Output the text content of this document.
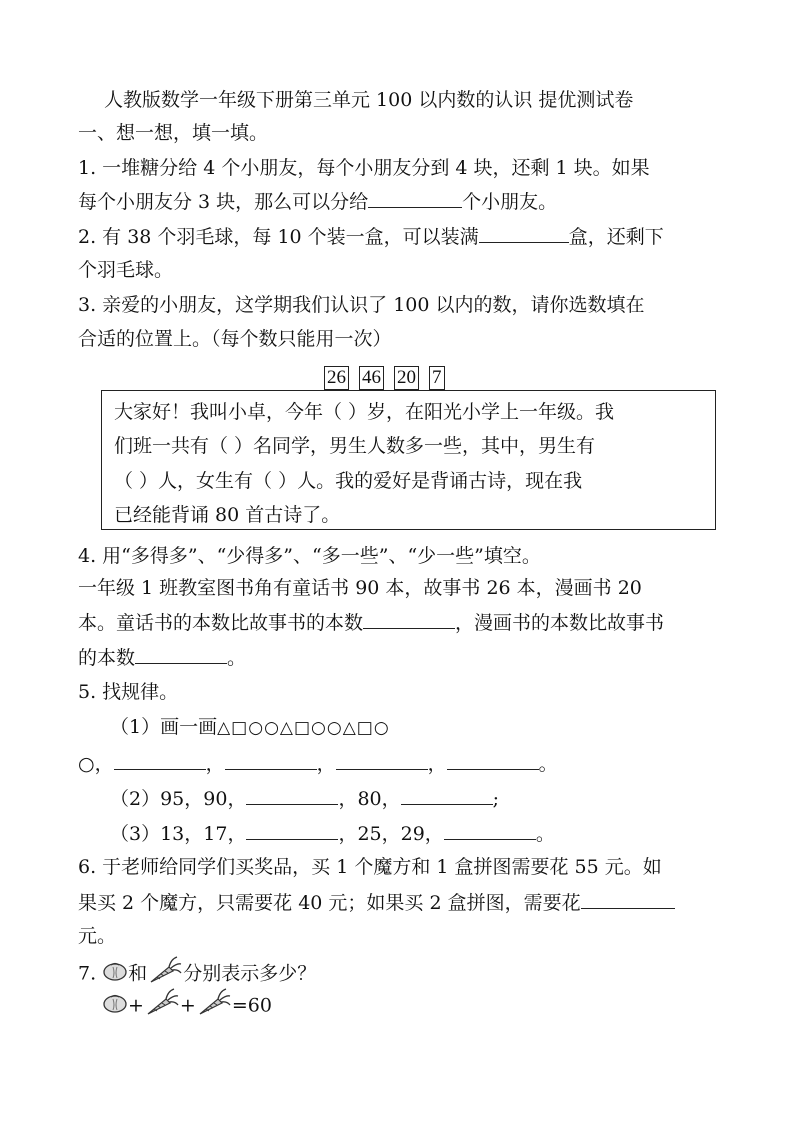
人教版数学一年级下册第三单元 100 以内数的认识 提优测试卷
一、想一想，填一填。
1. 一堆糖分给 4 个小朋友，每个小朋友分到 4 块，还剩 1 块。如果
每个小朋友分 3 块，那么可以分给	个小朋友。
2. 有 38 个羽毛球，每 10 个装一盒，可以装满	盒，还剩下
个羽毛球。
3. 亲爱的小朋友，这学期我们认识了 100 以内的数，请你选数填在
合适的位置上。（每个数只能用一次）
26 46 20 7
大家好！我叫小卓，今年（ ）岁，在阳光小学上一年级。我
们班一共有（ ）名同学，男生人数多一些，其中，男生有
（ ）人，女生有（ ）人。我的爱好是背诵古诗，现在我
已经能背诵 80 首古诗了。
4. 用“多得多”、“少得多”、“多一些”、“少一些”填空。
一年级 1 班教室图书角有童话书 90 本，故事书 26 本，漫画书 20
本。童话书的本数比故事书的本数	，漫画书的本数比故事书
的本数	。
5. 找规律。
（1）画一画△□○○△□○○△□○
○，	，	，	，	。
（2）95，90，	，80，	;
（3）13，17，	，25，29，	。
6. 于老师给同学们买奖品，买 1 个魔方和 1 盒拼图需要花 55 元。如
果买 2 个魔方，只需要花 40 元；如果买 2 盒拼图，需要花
元。
7. 和 分别表示多少？
+ + =60
